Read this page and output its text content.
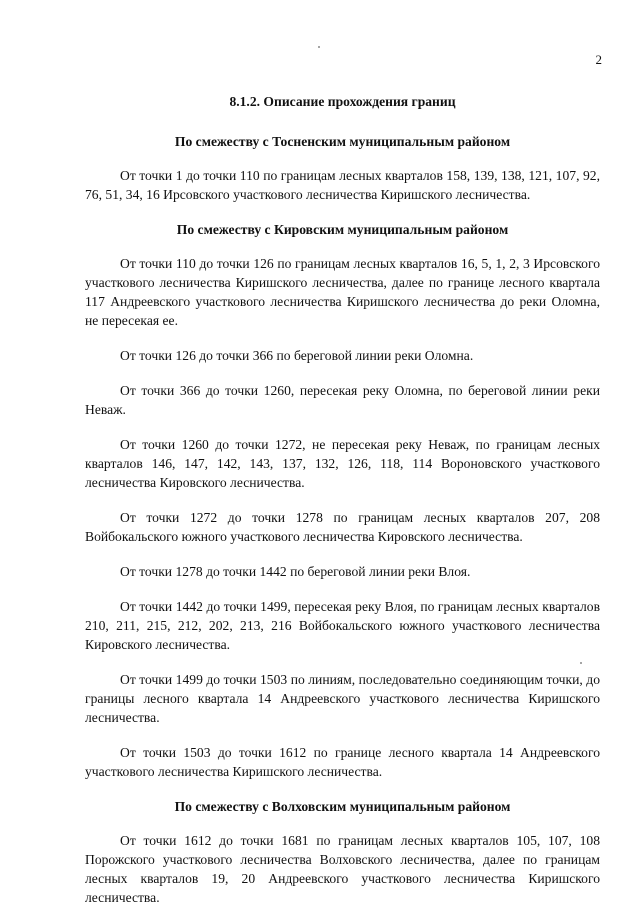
2
8.1.2. Описание прохождения границ
По смежеству с Тосненским муниципальным районом

От точки 1 до точки 110 по границам лесных кварталов 158, 139, 138, 121, 107, 92, 76, 51, 34, 16 Ирсовского участкового лесничества Киришского лесничества.

По смежеству с Кировским муниципальным районом

От точки 110 до точки 126 по границам лесных кварталов 16, 5, 1, 2, 3 Ирсовского участкового лесничества Киришского лесничества, далее по границе лесного квартала 117 Андреевского участкового лесничества Киришского лесничества до реки Оломна, не пересекая ее.

От точки 126 до точки 366 по береговой линии реки Оломна.

От точки 366 до точки 1260, пересекая реку Оломна, по береговой линии реки Неваж.

От точки 1260 до точки 1272, не пересекая реку Неваж, по границам лесных кварталов 146, 147, 142, 143, 137, 132, 126, 118, 114 Вороновского участкового лесничества Кировского лесничества.

От точки 1272 до точки 1278 по границам лесных кварталов 207, 208 Войбокальского южного участкового лесничества Кировского лесничества.

От точки 1278 до точки 1442 по береговой линии реки Влоя.

От точки 1442 до точки 1499, пересекая реку Влоя, по границам лесных кварталов 210, 211, 215, 212, 202, 213, 216 Войбокальского южного участкового лесничества Кировского лесничества.

От точки 1499 до точки 1503 по линиям, последовательно соединяющим точки, до границы лесного квартала 14 Андреевского участкового лесничества Киришского лесничества.

От точки 1503 до точки 1612 по границе лесного квартала 14 Андреевского участкового лесничества Киришского лесничества.

По смежеству с Волховским муниципальным районом

От точки 1612 до точки 1681 по границам лесных кварталов 105, 107, 108 Порожского участкового лесничества Волховского лесничества, далее по границам лесных кварталов 19, 20 Андреевского участкового лесничества Киришского лесничества.
